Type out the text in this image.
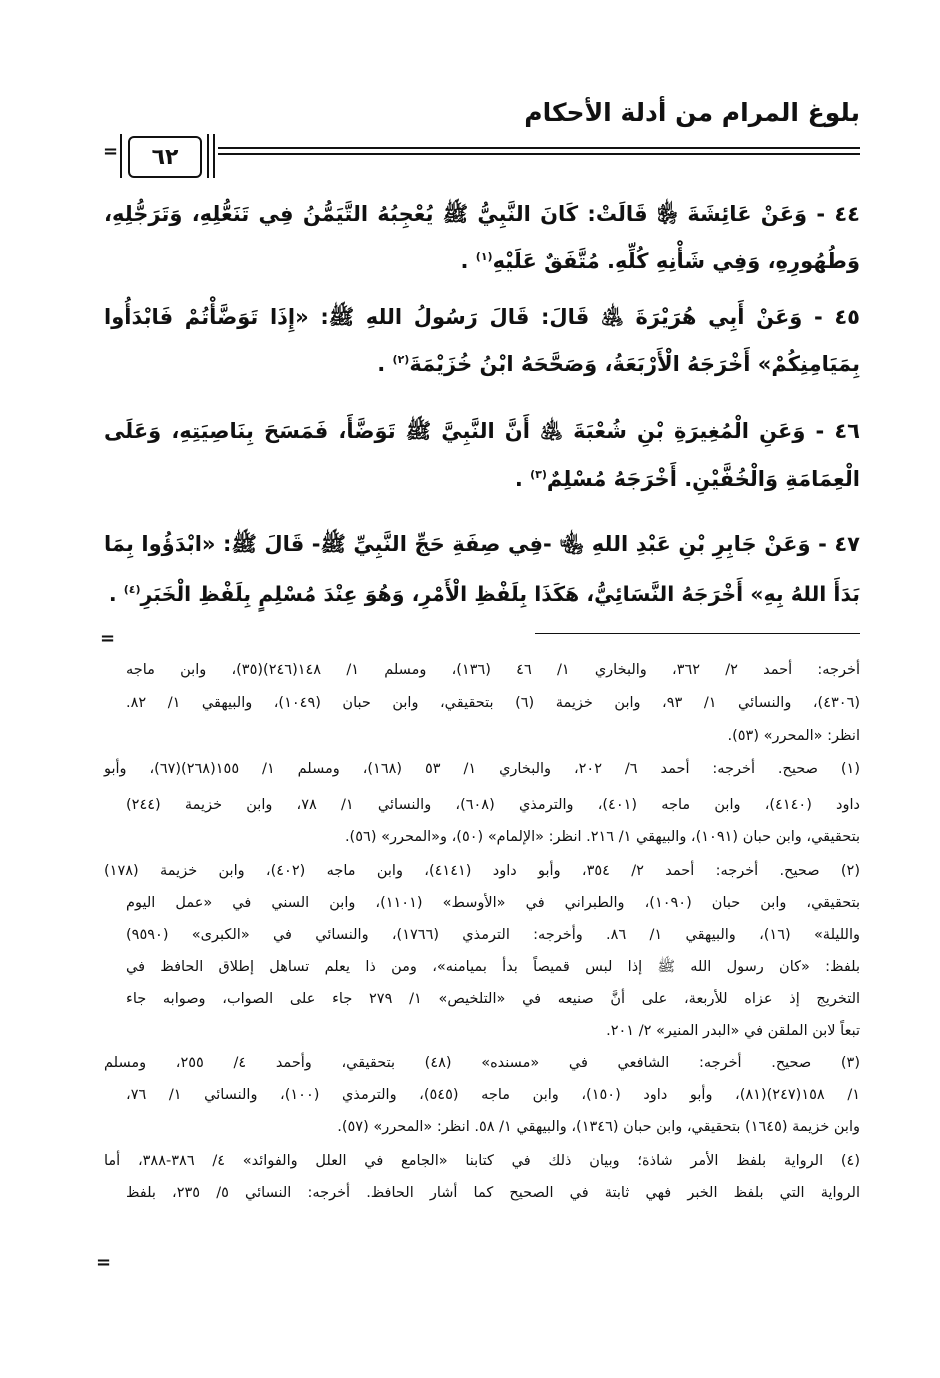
بلوغ المرام من أدلة الأحكام
٦٢
=
٤٤ - وَعَنْ عَائِشَةَ ﵂ قَالَتْ: كَانَ النَّبِيُّ ﷺ يُعْجِبُهُ التَّيَمُّنُ فِي تَنَعُّلِهِ، وَتَرَجُّلِهِ،
وَطُهُورِهِ، وَفِي شَأْنِهِ كُلِّهِ. مُتَّفَقٌ عَلَيْهِ$^{(١)}$ .
٤٥ - وَعَنْ أَبِي هُرَيْرَةَ ﵁ قَالَ: قَالَ رَسُولُ اللهِ ﷺ: «إِذَا تَوَضَّأْتُمْ فَابْدَأُوا
بِمَيَامِنِكُمْ» أَخْرَجَهُ الْأَرْبَعَةُ، وَصَحَّحَهُ ابْنُ خُزَيْمَةَ$^{(٢)}$ .
٤٦ - وَعَنِ الْمُغِيرَةِ بْنِ شُعْبَةَ ﵁ أَنَّ النَّبِيَّ ﷺ تَوَضَّأَ، فَمَسَحَ بِنَاصِيَتِهِ، وَعَلَى
الْعِمَامَةِ وَالْخُفَّيْنِ. أَخْرَجَهُ مُسْلِمٌ$^{(٣)}$ .
٤٧ - وَعَنْ جَابِرِ بْنِ عَبْدِ اللهِ ﵄ -فِي صِفَةِ حَجِّ النَّبِيِّ ﷺ- قَالَ ﷺ: «ابْدَؤُوا بِمَا
بَدَأَ اللهُ بِهِ» أَخْرَجَهُ النَّسَائِيُّ، هَكَذَا بِلَفْظِ الْأَمْرِ، وَهُوَ عِنْدَ مُسْلِمٍ بِلَفْظِ الْخَبَرِ$^{(٤)}$ .
=
أخرجه: أحمد ٢/ ٣٦٢، والبخاري ١/ ٤٦ (١٣٦)، ومسلم ١/ ١٤٨(٢٤٦)(٣٥)، وابن ماجه
(٤٣٠٦)، والنسائي ١/ ٩٣، وابن خزيمة (٦) بتحقيقي، وابن حبان (١٠٤٩)، والبيهقي ١/ ٨٢.
انظر: «المحرر» (٥٣).
(١) صحيح. أخرجه: أحمد ٦/ ٢٠٢، والبخاري ١/ ٥٣ (١٦٨)، ومسلم ١/ ١٥٥(٢٦٨)(٦٧)، وأبو
داود (٤١٤٠)، وابن ماجه (٤٠١)، والترمذي (٦٠٨)، والنسائي ١/ ٧٨، وابن خزيمة (٢٤٤)
بتحقيقي، وابن حبان (١٠٩١)، والبيهقي ١/ ٢١٦. انظر: «الإلمام» (٥٠)، و«المحرر» (٥٦).
(٢) صحيح. أخرجه: أحمد ٢/ ٣٥٤، وأبو داود (٤١٤١)، وابن ماجه (٤٠٢)، وابن خزيمة (١٧٨)
بتحقيقي، وابن حبان (١٠٩٠)، والطبراني في «الأوسط» (١١٠١)، وابن السني في «عمل اليوم
والليلة» (١٦)، والبيهقي ١/ ٨٦. وأخرجه: الترمذي (١٧٦٦)، والنسائي في «الكبرى» (٩٥٩٠)
بلفظ: «كان رسول الله ﷺ إذا لبس قميصاً بدأ بميامنه»، ومن ذا يعلم تساهل إطلاق الحافظ في
التخريج إذ عزاه للأربعة، على أنَّ صنيعه في «التلخيص» ١/ ٢٧٩ جاء على الصواب، وصوابه جاء
تبعاً لابن الملقن في «البدر المنير» ٢/ ٢٠١.
(٣) صحيح. أخرجه: الشافعي في «مسنده» (٤٨) بتحقيقي، وأحمد ٤/ ٢٥٥، ومسلم
١/ ١٥٨(٢٤٧)(٨١)، وأبو داود (١٥٠)، وابن ماجه (٥٤٥)، والترمذي (١٠٠)، والنسائي ١/ ٧٦،
وابن خزيمة (١٦٤٥) بتحقيقي، وابن حبان (١٣٤٦)، والبيهقي ١/ ٥٨. انظر: «المحرر» (٥٧).
(٤) الرواية بلفظ الأمر شاذة؛ وبيان ذلك في كتابنا «الجامع في العلل والفوائد» ٤/ ٣٨٦-٣٨٨، أما
الرواية التي بلفظ الخبر فهي ثابتة في الصحيح كما أشار الحافظ. أخرجه: النسائي ٥/ ٢٣٥، بلفظ
=
